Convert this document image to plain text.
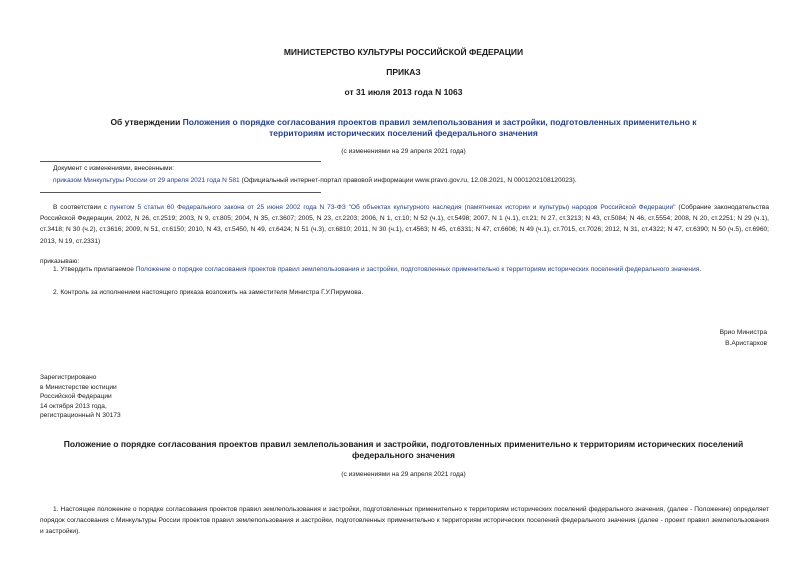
МИНИСТЕРСТВО КУЛЬТУРЫ РОССИЙСКОЙ ФЕДЕРАЦИИ
ПРИКАЗ
от 31 июля 2013 года N 1063
Об утверждении Положения о порядке согласования проектов правил землепользования и застройки, подготовленных применительно к территориям исторических поселений федерального значения
(с изменениями на 29 апреля 2021 года)
Документ с изменениями, внесенными:
приказом Минкультуры России от 29 апреля 2021 года N 581 (Официальный интернет-портал правовой информации www.pravo.gov.ru, 12.08.2021, N 0001202108120023).
В соответствии с пунктом 5 статьи 60 Федерального закона от 25 июня 2002 года N 73-ФЗ "Об объектах культурного наследия (памятниках истории и культуры) народов Российской Федерации" (Собрание законодательства Российской Федерации, 2002, N 26, ст.2519; 2003, N 9, ст.805; 2004, N 35, ст.3607; 2005, N 23, ст.2203; 2006, N 1, ст.10; N 52 (ч.1), ст.5498; 2007, N 1 (ч.1), ст.21; N 27, ст.3213; N 43, ст.5084; N 46, ст.5554; 2008, N 20, ст.2251; N 29 (ч.1), ст.3418; N 30 (ч.2), ст.3616; 2009, N 51, ст.6150; 2010, N 43, ст.5450, N 49, ст.6424; N 51 (ч.3), ст.6810; 2011, N 30 (ч.1), ст.4563; N 45, ст.6331; N 47, ст.6606; N 49 (ч.1), ст.7015, ст.7026; 2012, N 31, ст.4322; N 47, ст.6390; N 50 (ч.5), ст.6960; 2013, N 19, ст.2331)
приказываю:
1. Утвердить прилагаемое Положение о порядке согласования проектов правил землепользования и застройки, подготовленных применительно к территориям исторических поселений федерального значения.
2. Контроль за исполнением настоящего приказа возложить на заместителя Министра Г.У.Пирумова.
Врио Министра
В.Аристархов

Зарегистрировано

в Министерстве юстиции

Российской Федерации

14 октября 2013 года,

регистрационный N 30173

Положение о порядке согласования проектов правил землепользования и застройки, подготовленных применительно к территориям исторических поселений федерального значения
(с изменениями на 29 апреля 2021 года)
1. Настоящее положение о порядке согласования проектов правил землепользования и застройки, подготовленных применительно к территориям исторических поселений федерального значения, (далее - Положение) определяет порядок согласования с Минкультуры России проектов правил землепользования и застройки, подготовленных применительно к территориям исторических поселений федерального значения (далее - проект правил землепользования и застройки).
